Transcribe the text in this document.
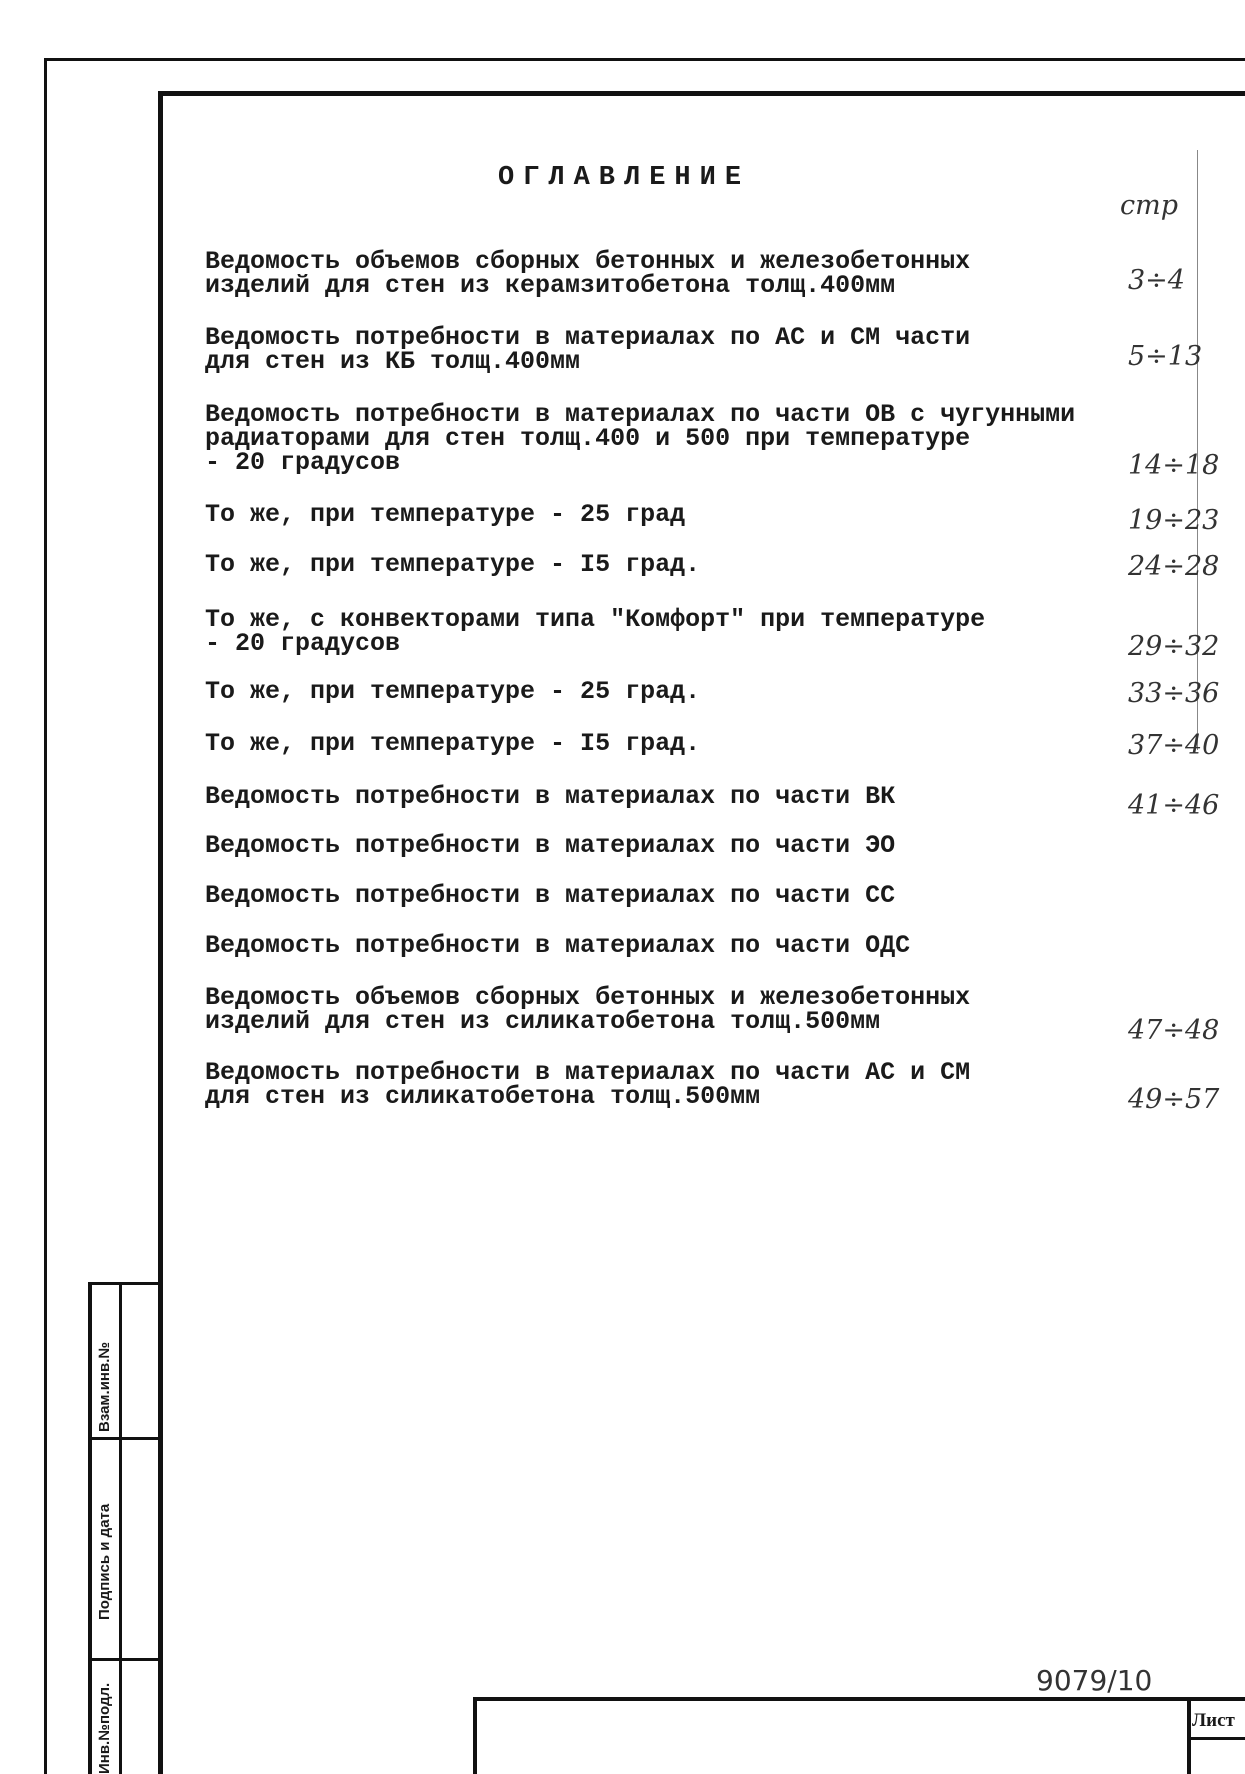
ОГЛАВЛЕНИЕ
стр
Ведомость объемов сборных бетонных и железобетонных
изделий для стен из керамзитобетона толщ.400мм	3÷4
Ведомость потребности в материалах по АС и СМ части
для стен из КБ толщ.400мм	5÷13
Ведомость потребности в материалах по части ОВ с чугунными
радиаторами для стен толщ.400 и 500 при температуре
- 20 градусов	14÷18
То же, при температуре - 25 град	19÷23
То же, при температуре - I5 град.	24÷28
То же, с конвекторами типа "Комфорт" при температуре
- 20 градусов	29÷32
То же, при температуре - 25 град.	33÷36
То же, при температуре - I5 град.	37÷40
Ведомость потребности в материалах по части ВК	41÷46
Ведомость потребности в материалах по части ЭО
Ведомость потребности в материалах по части СС
Ведомость потребности в материалах по части ОДС
Ведомость объемов сборных бетонных и железобетонных
изделий для стен из силикатобетона толщ.500мм	47÷48
Ведомость потребности в материалах по части АС и СМ
для стен из силикатобетона толщ.500мм	49÷57
Взам.инв.№
Подпись и дата
Инв.№подл.
9079/10
Лист
